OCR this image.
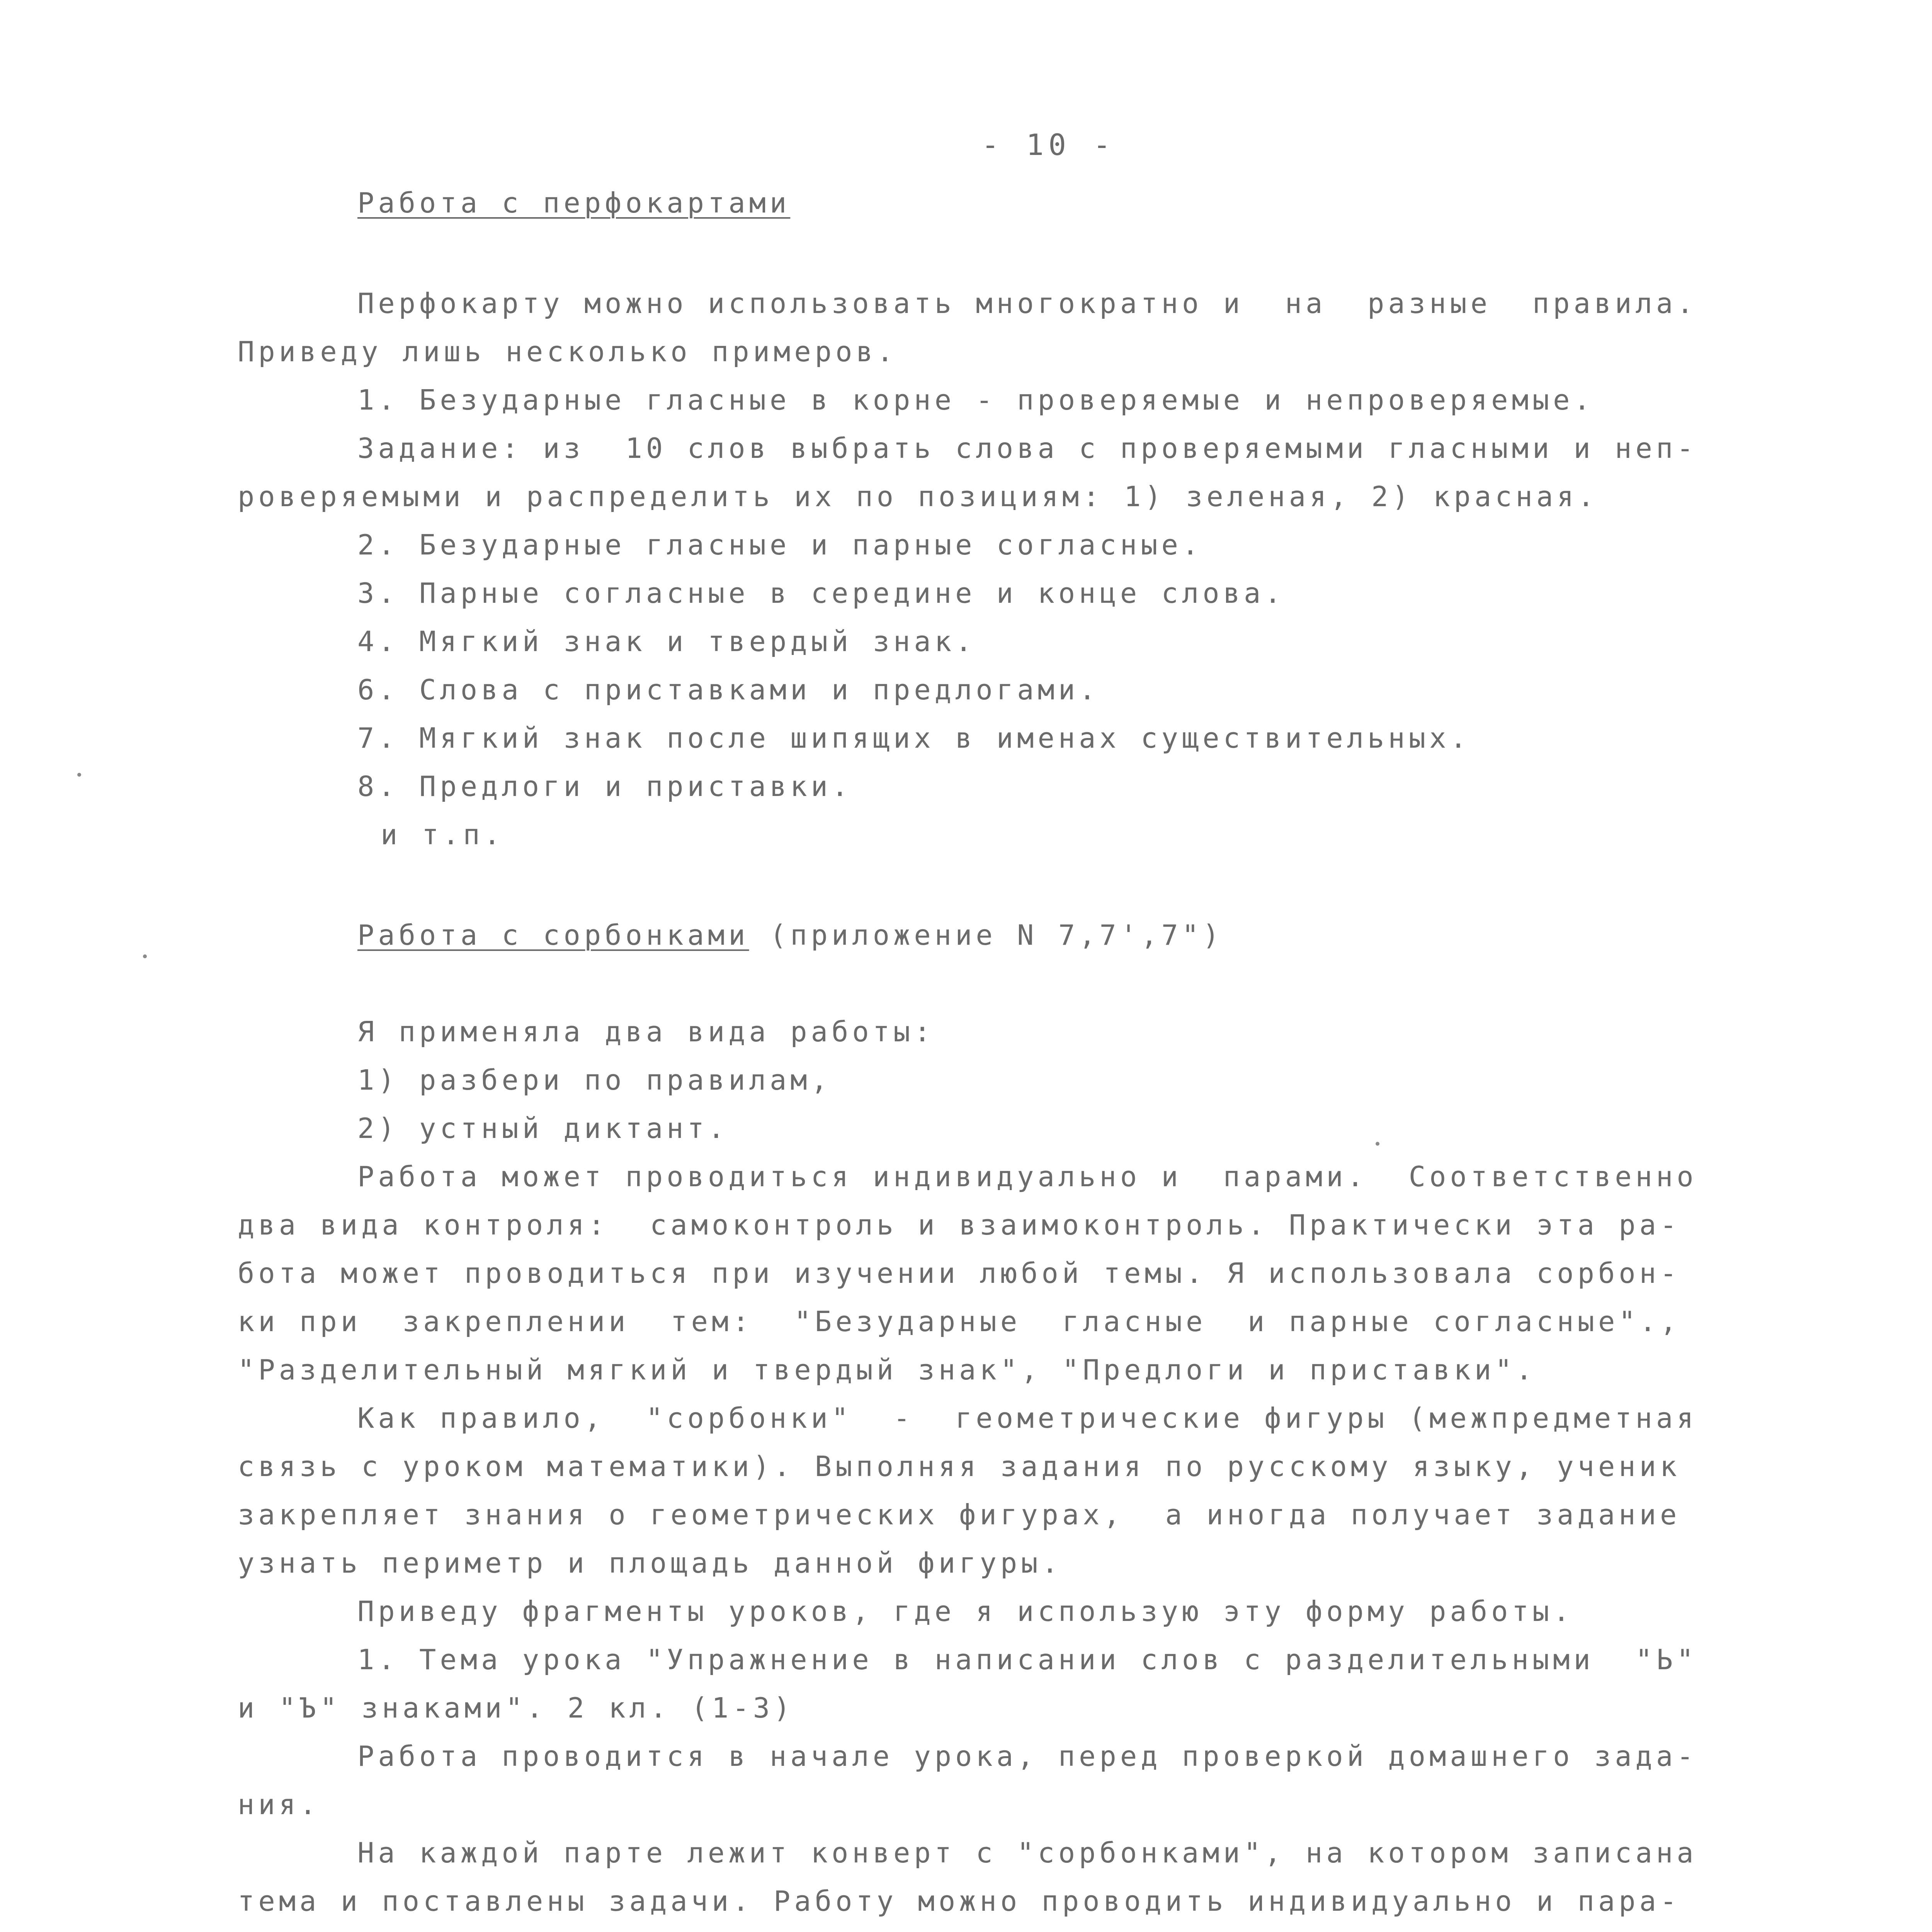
- 10 -
Работа с перфокартами
Перфокарту можно использовать многократно и  на  разные  правила.
Приведу лишь несколько примеров.
1. Безударные гласные в корне - проверяемые и непроверяемые.
Задание: из  10 слов выбрать слова с проверяемыми гласными и неп-
роверяемыми и распределить их по позициям: 1) зеленая, 2) красная.
2. Безударные гласные и парные согласные.
3. Парные согласные в середине и конце слова.
4. Мягкий знак и твердый знак.
6. Слова с приставками и предлогами.
7. Мягкий знак после шипящих в именах существительных.
8. Предлоги и приставки.
и т.п.
Работа с сорбонками (приложение N 7,7',7")
Я применяла два вида работы:
1) разбери по правилам,
2) устный диктант.
Работа может проводиться индивидуально и  парами.  Соответственно
два вида контроля:  самоконтроль и взаимоконтроль. Практически эта ра-
бота может проводиться при изучении любой темы. Я использовала сорбон-
ки при  закреплении  тем:  "Безударные  гласные  и парные согласные".,
"Разделительный мягкий и твердый знак", "Предлоги и приставки".
Как правило,  "сорбонки"  -  геометрические фигуры (межпредметная
связь с уроком математики). Выполняя задания по русскому языку, ученик
закрепляет знания о геометрических фигурах,  а иногда получает задание
узнать периметр и площадь данной фигуры.
Приведу фрагменты уроков, где я использую эту форму работы.
1. Тема урока "Упражнение в написании слов с разделительными  "Ь"
и "Ъ" знаками". 2 кл. (1-3)
Работа проводится в начале урока, перед проверкой домашнего зада-
ния.
На каждой парте лежит конверт с "сорбонками", на котором записана
тема и поставлены задачи. Работу можно проводить индивидуально и пара-
